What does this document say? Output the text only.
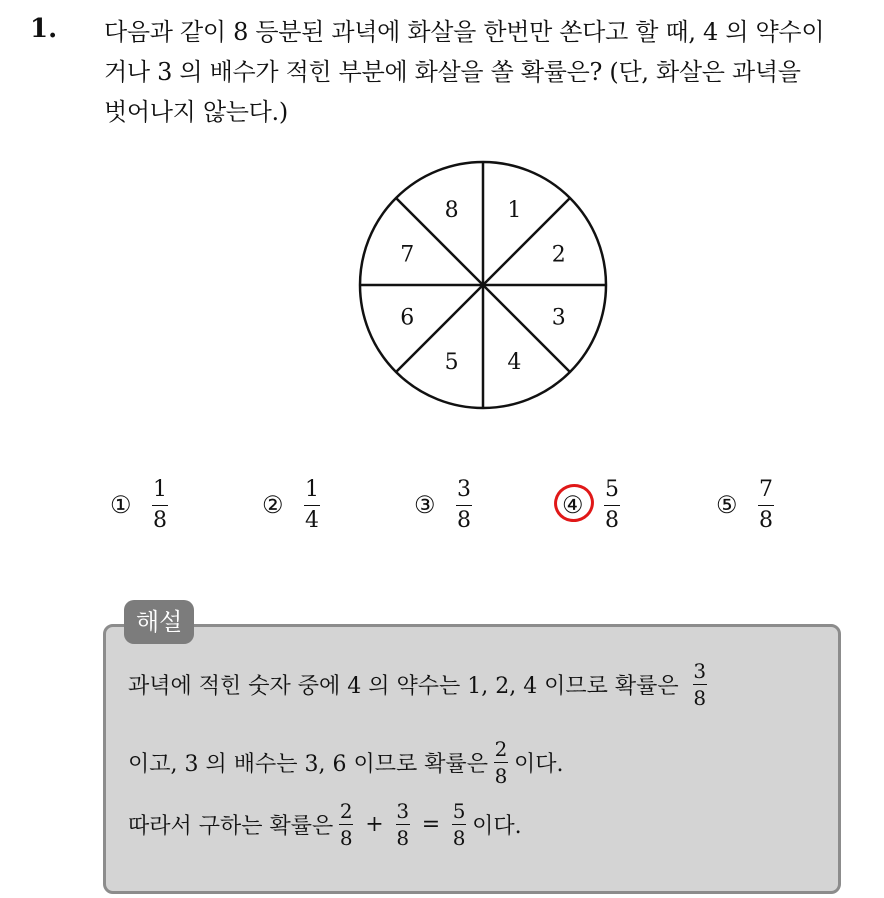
1. 다음과 같이 8 등분된 과녁에 화살을 한번만 쏜다고 할 때, 4 의 약수이
거나 3 의 배수가 적힌 부분에 화살을 쏠 확률은? (단, 화살은 과녁을
벗어나지 않는다.)
1
2
3
4
5
6
7
8
① $\frac{1}{8}$	② $\frac{1}{4}$	③ $\frac{3}{8}$	④ $\frac{5}{8}$	⑤ $\frac{7}{8}$
해설
과녁에 적힌 숫자 중에 4 의 약수는 1, 2, 4 이므로 확률은 $\frac{3}{8}$
이고, 3 의 배수는 3, 6 이므로 확률은 $\frac{2}{8}$ 이다.
따라서 구하는 확률은 $\frac{2}{8} + \frac{3}{8} = \frac{5}{8}$ 이다.
